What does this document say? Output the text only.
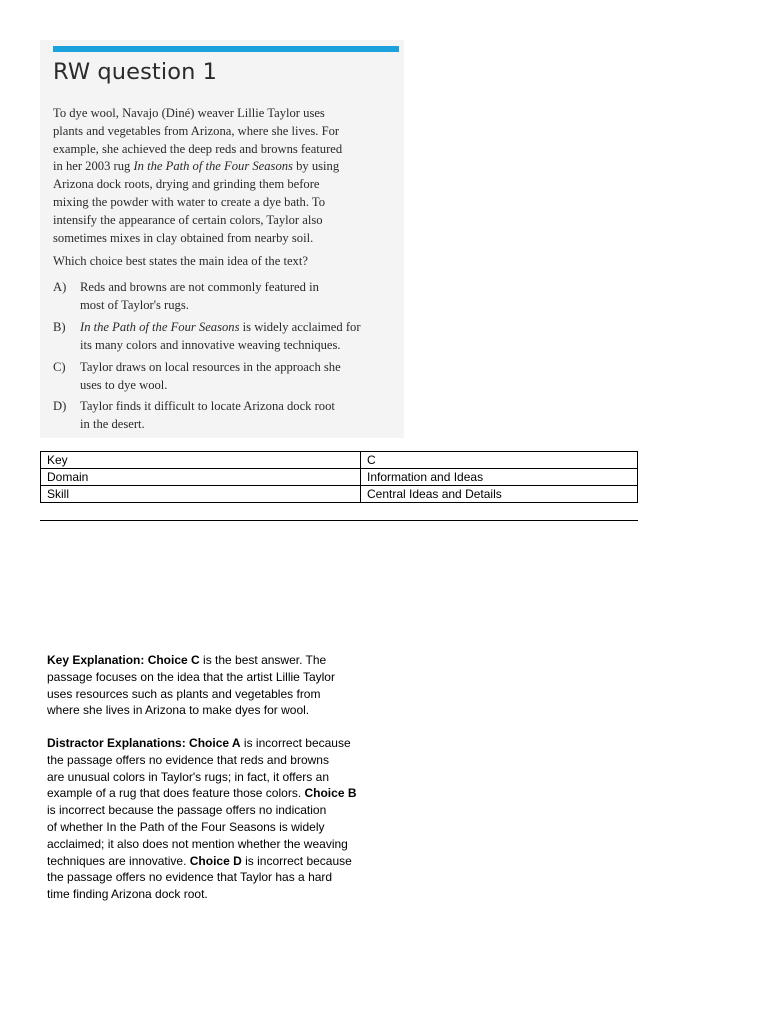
RW question 1
To dye wool, Navajo (Diné) weaver Lillie Taylor uses
plants and vegetables from Arizona, where she lives. For
example, she achieved the deep reds and browns featured
in her 2003 rug In the Path of the Four Seasons by using
Arizona dock roots, drying and grinding them before
mixing the powder with water to create a dye bath. To
intensify the appearance of certain colors, Taylor also
sometimes mixes in clay obtained from nearby soil.
Which choice best states the main idea of the text?
A) Reds and browns are not commonly featured in
most of Taylor's rugs.
B) In the Path of the Four Seasons is widely acclaimed for
its many colors and innovative weaving techniques.
C) Taylor draws on local resources in the approach she
uses to dye wool.
D) Taylor finds it difficult to locate Arizona dock root
in the desert.
Key	C
Domain	Information and Ideas
Skill	Central Ideas and Details
Key Explanation: Choice C is the best answer. The
passage focuses on the idea that the artist Lillie Taylor
uses resources such as plants and vegetables from
where she lives in Arizona to make dyes for wool.
Distractor Explanations: Choice A is incorrect because
the passage offers no evidence that reds and browns
are unusual colors in Taylor's rugs; in fact, it offers an
example of a rug that does feature those colors. Choice B
is incorrect because the passage offers no indication
of whether In the Path of the Four Seasons is widely
acclaimed; it also does not mention whether the weaving
techniques are innovative. Choice D is incorrect because
the passage offers no evidence that Taylor has a hard
time finding Arizona dock root.
